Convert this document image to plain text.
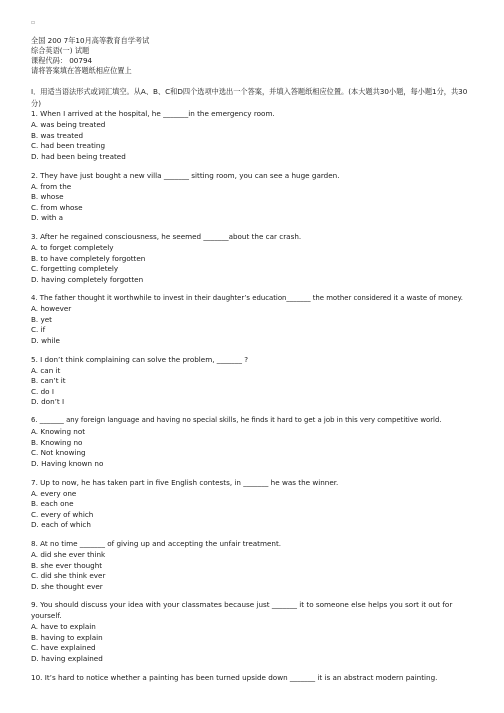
▫

全国 200 7年10月高等教育自学考试

综合英语(一) 试题

课程代码： 00794

请将答案填在答题纸相应位置上

I．用适当语法形式或词汇填空。从A、B、C和D四个选项中选出一个答案，并填入答题纸相应位置。(本大题共30小题，每小题1分，共30分)

1. When I arrived at the hospital, he _______in the emergency room.

A. was being treated

B. was treated

C. had been treating

D. had been being treated

2. They have just bought a new villa _______ sitting room, you can see a huge garden.

A. from the

B. whose

C. from whose

D. with a

3. After he regained consciousness, he seemed _______about the car crash.

A. to forget completely

B. to have completely forgotten

C. forgetting completely

D. having completely forgotten

4. The father thought it worthwhile to invest in their daughter’s education_______ the mother considered it a waste of money.

A. however

B. yet

C. if

D. while

5. I don’t think complaining can solve the problem, _______ ?

A. can it

B. can’t it

C. do I

D. don’t I

6. _______ any foreign language and having no special skills, he finds it hard to get a job in this very competitive world.

A. Knowing not

B. Knowing no

C. Not knowing

D. Having known no

7. Up to now, he has taken part in five English contests, in _______ he was the winner.

A. every one

B. each one

C. every of which

D. each of which

8. At no time _______ of giving up and accepting the unfair treatment.

A. did she ever think

B. she ever thought

C. did she think ever

D. she thought ever

9. You should discuss your idea with your classmates because just _______ it to someone else helps you sort it out for yourself.

A. have to explain

B. having to explain

C. have explained

D. having explained

10. It’s hard to notice whether a painting has been turned upside down _______ it is an abstract modern painting.
